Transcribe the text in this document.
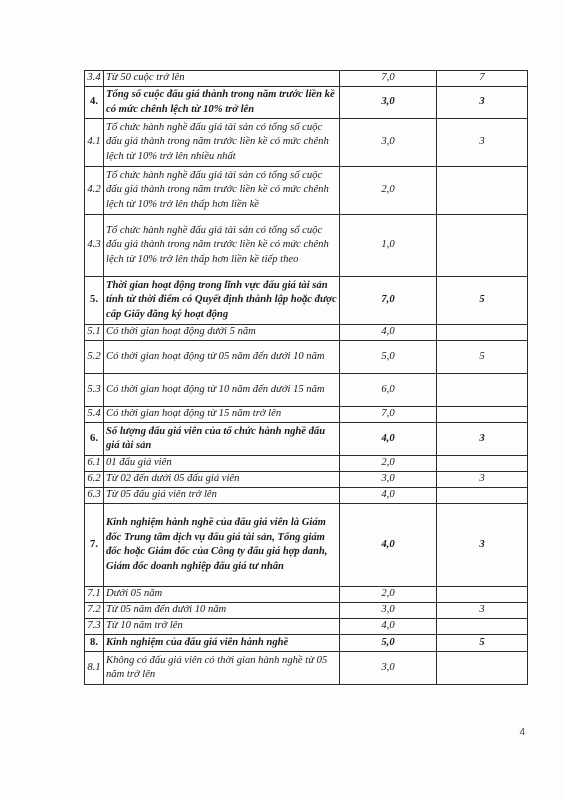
3.4	Từ 50 cuộc trở lên	7,0	7
4.	Tổng số cuộc đấu giá thành trong năm trước liền kề có mức chênh lệch từ 10% trở lên	3,0	3
4.1	Tổ chức hành nghề đấu giá tài sản có tổng số cuộc đấu giá thành trong năm trước liền kề có mức chênh lệch từ 10% trở lên nhiều nhất	3,0	3
4.2	Tổ chức hành nghề đấu giá tài sản có tổng số cuộc đấu giá thành trong năm trước liền kề có mức chênh lệch từ 10% trở lên thấp hơn liền kề	2,0	
4.3	Tổ chức hành nghề đấu giá tài sản có tổng số cuộc đấu giá thành trong năm trước liền kề có mức chênh lệch từ 10% trở lên thấp hơn liền kề tiếp theo	1,0	
5.	Thời gian hoạt động trong lĩnh vực đấu giá tài sản tính từ thời điểm có Quyết định thành lập hoặc được cấp Giấy đăng ký hoạt động	7,0	5
5.1	Có thời gian hoạt động dưới 5 năm	4,0	
5.2	Có thời gian hoạt động từ 05 năm đến dưới 10 năm	5,0	5
5.3	Có thời gian hoạt động từ 10 năm đến dưới 15 năm	6,0	
5.4	Có thời gian hoạt động từ 15 năm trở lên	7,0	
6.	Số lượng đấu giá viên của tổ chức hành nghề đấu giá tài sản	4,0	3
6.1	01 đấu giá viên	2,0	
6.2	Từ 02 đến dưới 05 đấu giá viên	3,0	3
6.3	Từ 05 đấu giá viên trở lên	4,0	
7.	Kinh nghiệm hành nghề của đấu giá viên là Giám đốc Trung tâm dịch vụ đấu giá tài sản, Tổng giám đốc hoặc Giám đốc của Công ty đấu giá hợp danh, Giám đốc doanh nghiệp đấu giá tư nhân	4,0	3
7.1	Dưới 05 năm	2,0	
7.2	Từ 05 năm đến dưới 10 năm	3,0	3
7.3	Từ 10 năm trở lên	4,0	
8.	Kinh nghiệm của đấu giá viên hành nghề	5,0	5
8.1	Không có đấu giá viên có thời gian hành nghề từ 05 năm trở lên	3,0	
4
